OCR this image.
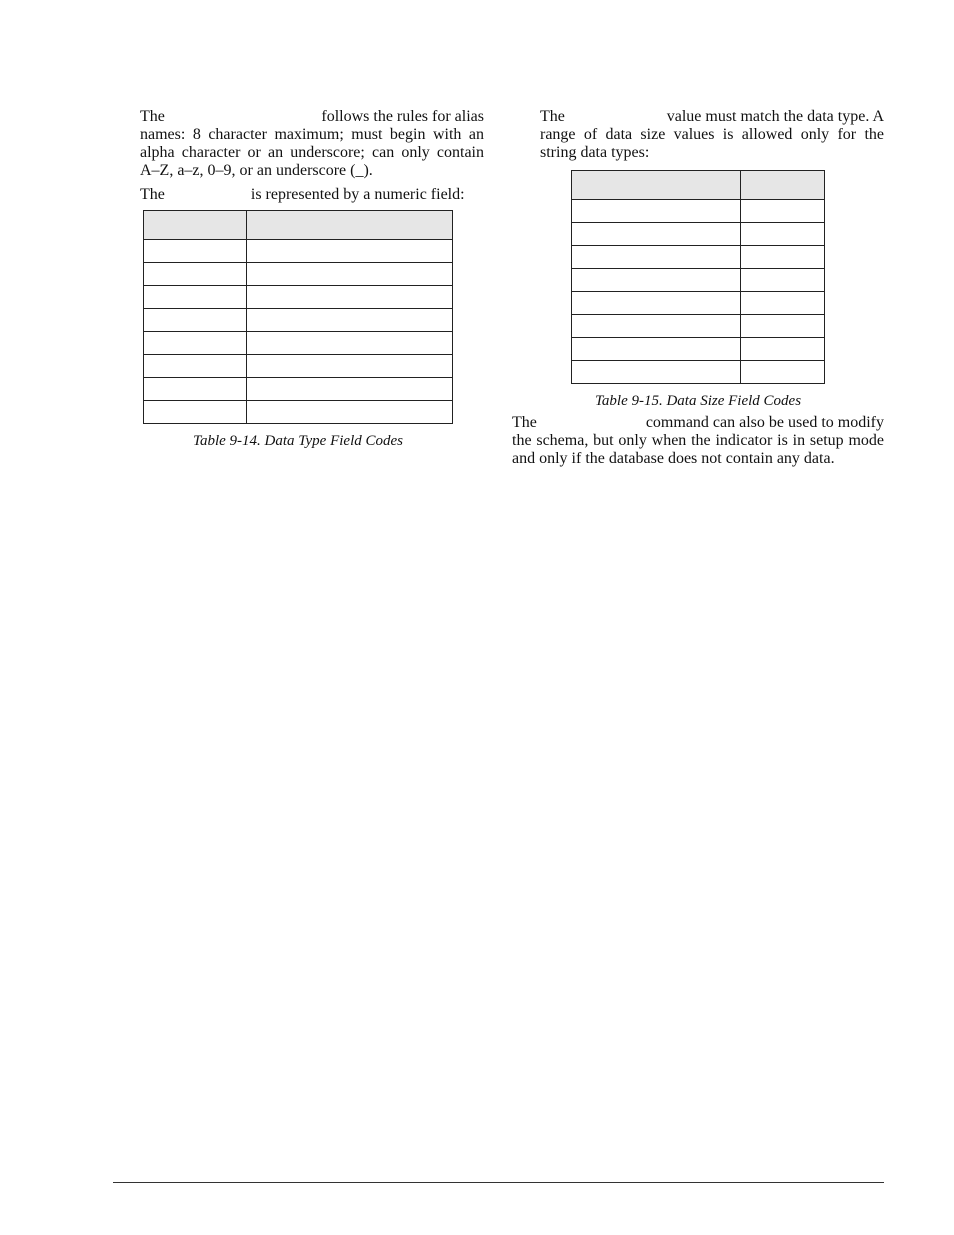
The	follows the rules for alias

names: 8 character maximum; must begin with an alpha character or an underscore; can only contain A–Z, a–z, 0–9, or an underscore (_).

The	is represented by a numeric field:

Table 9-14. Data Type Field Codes

The	value must match the data type. A

range of data size values is allowed only for the string data types:

Table 9-15. Data Size Field Codes

The	command can also be used to modify

the schema, but only when the indicator is in setup mode and only if the database does not contain any data.
